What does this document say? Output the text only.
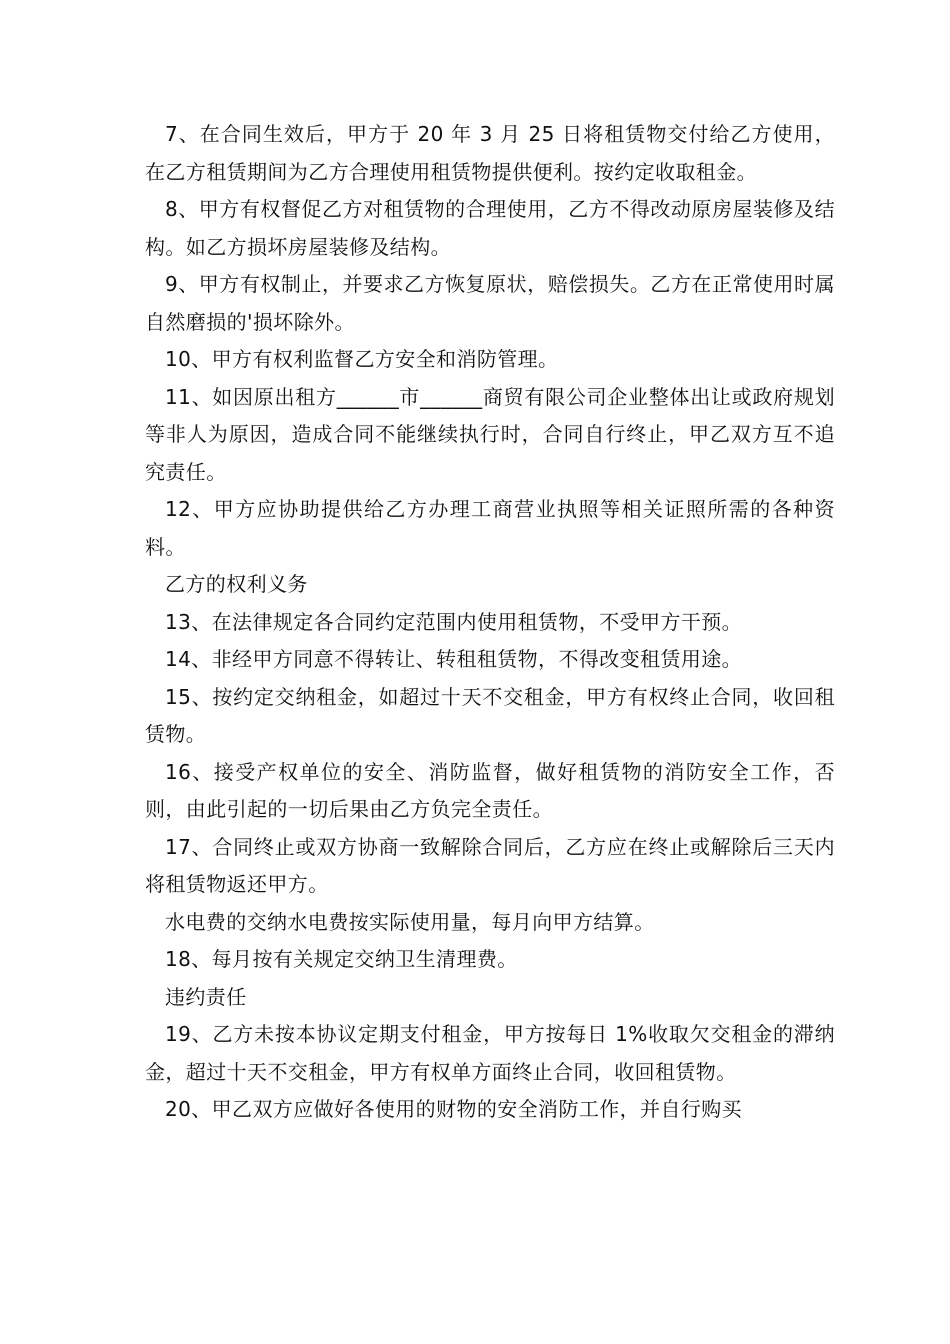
7、在合同生效后，甲方于 20 年 3 月 25 日将租赁物交付给乙方使用，在乙方租赁期间为乙方合理使用租赁物提供便利。按约定收取租金。

8、甲方有权督促乙方对租赁物的合理使用，乙方不得改动原房屋装修及结构。如乙方损坏房屋装修及结构。

9、甲方有权制止，并要求乙方恢复原状，赔偿损失。乙方在正常使用时属自然磨损的'损坏除外。

10、甲方有权利监督乙方安全和消防管理。

11、如因原出租方______市______商贸有限公司企业整体出让或政府规划等非人为原因，造成合同不能继续执行时，合同自行终止，甲乙双方互不追究责任。

12、甲方应协助提供给乙方办理工商营业执照等相关证照所需的各种资料。

乙方的权利义务

13、在法律规定各合同约定范围内使用租赁物，不受甲方干预。

14、非经甲方同意不得转让、转租租赁物，不得改变租赁用途。

15、按约定交纳租金，如超过十天不交租金，甲方有权终止合同，收回租赁物。

16、接受产权单位的安全、消防监督，做好租赁物的消防安全工作，否则，由此引起的一切后果由乙方负完全责任。

17、合同终止或双方协商一致解除合同后，乙方应在终止或解除后三天内将租赁物返还甲方。

水电费的交纳水电费按实际使用量，每月向甲方结算。

18、每月按有关规定交纳卫生清理费。

违约责任

19、乙方未按本协议定期支付租金，甲方按每日 1%收取欠交租金的滞纳金，超过十天不交租金，甲方有权单方面终止合同，收回租赁物。

20、甲乙双方应做好各使用的财物的安全消防工作，并自行购买
